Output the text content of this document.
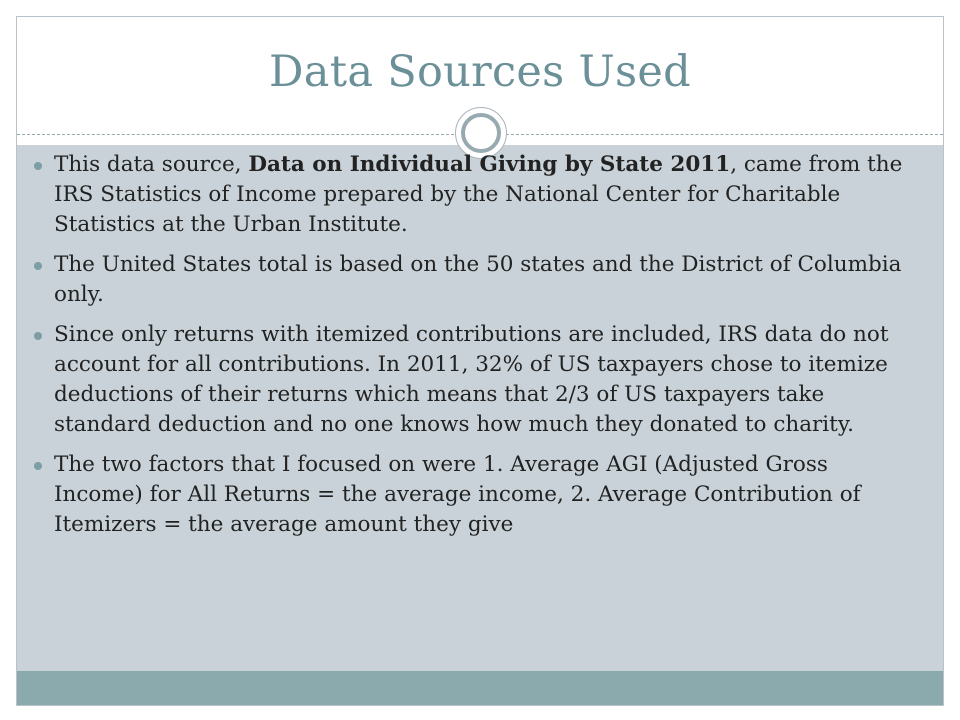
Data Sources Used
This data source, Data on Individual Giving by State 2011, came from the IRS Statistics of Income prepared by the National Center for Charitable Statistics at the Urban Institute.
The United States total is based on the 50 states and the District of Columbia only.
Since only returns with itemized contributions are included, IRS data do not account for all contributions. In 2011, 32% of US taxpayers chose to itemize deductions of their returns which means that 2/3 of US taxpayers take standard deduction and no one knows how much they donated to charity.
The two factors that I focused on were 1. Average AGI (Adjusted Gross Income) for All Returns = the average income, 2. Average Contribution of Itemizers = the average amount they give
